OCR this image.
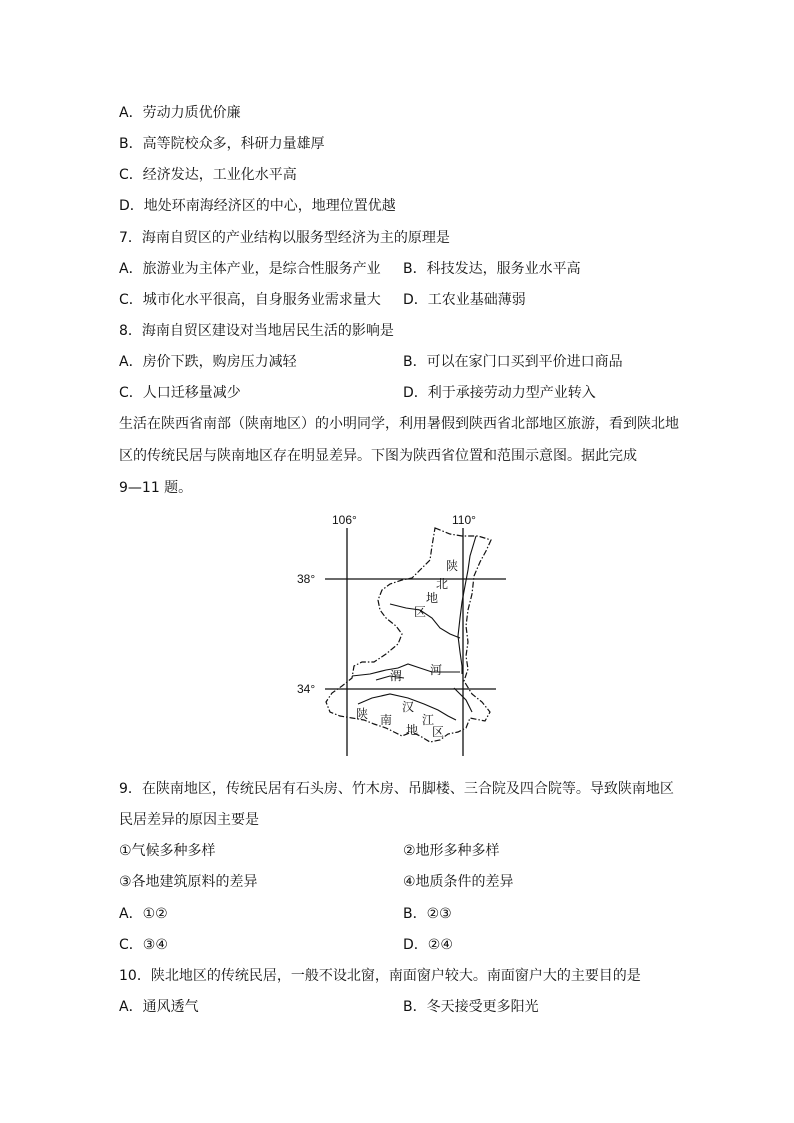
A．劳动力质优价廉
B．高等院校众多，科研力量雄厚
C．经济发达，工业化水平高
D．地处环南海经济区的中心，地理位置优越
7．海南自贸区的产业结构以服务型经济为主的原理是
A．旅游业为主体产业，是综合性服务产业 B．科技发达，服务业水平高
C．城市化水平很高，自身服务业需求量大 D．工农业基础薄弱
8．海南自贸区建设对当地居民生活的影响是
A．房价下跌，购房压力减轻	B．可以在家门口买到平价进口商品
C．人口迁移量减少	D．利于承接劳动力型产业转入
生活在陕西省南部（陕南地区）的小明同学，利用暑假到陕西省北部地区旅游，看到陕北地
区的传统民居与陕南地区存在明显差异。下图为陕西省位置和范围示意图。据此完成
9—11 题。
106°	110°
38°
34°
陕
北
地
区
渭 河
陕 南
汉
江
地 区
9．在陕南地区，传统民居有石头房、竹木房、吊脚楼、三合院及四合院等。导致陕南地区
民居差异的原因主要是
①气候多种多样	②地形多种多样
③各地建筑原料的差异	④地质条件的差异
A．①②	B．②③
C．③④	D．②④
10．陕北地区的传统民居，一般不设北窗，南面窗户较大。南面窗户大的主要目的是
A．通风透气	B．冬天接受更多阳光
